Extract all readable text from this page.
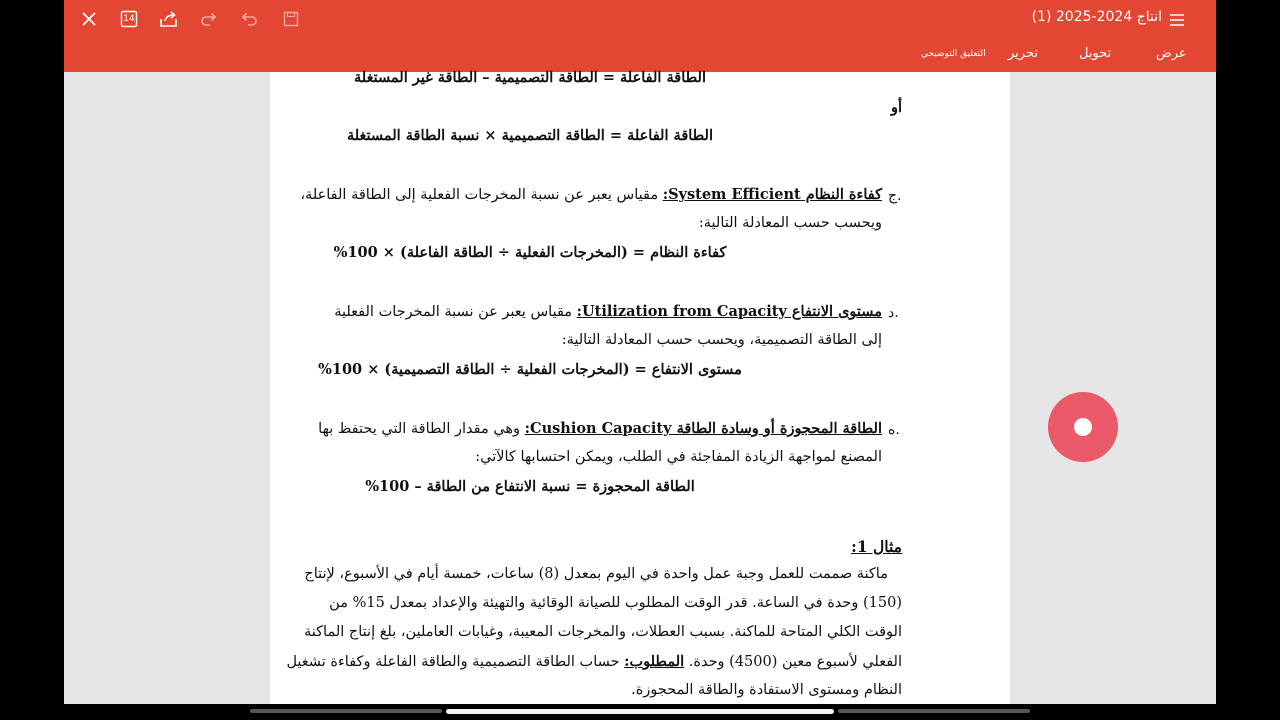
14	انتاج 2024-2025 (1)
عرض
تحويل
تحرير
التعليق التوضيحي
الطاقة الفاعلة = الطاقة التصميمية – الطاقة غير المستغلة
أو
الطاقة الفاعلة = الطاقة التصميمية × نسبة الطاقة المستغلة
ج.
كفاءة النظام System Efficient: مقياس يعبر عن نسبة المخرجات الفعلية إلى الطاقة الفاعلة،
ويحسب حسب المعادلة التالية:
كفاءة النظام = (المخرجات الفعلية ÷ الطاقة الفاعلة) × 100%
د.
مستوى الانتفاع Utilization from Capacity: مقياس يعبر عن نسبة المخرجات الفعلية
إلى الطاقة التصميمية، ويحسب حسب المعادلة التالية:
مستوى الانتفاع = (المخرجات الفعلية ÷ الطاقة التصميمية) × 100%
ه.
الطاقة المحجوزة أو وسادة الطاقة Cushion Capacity: وهي مقدار الطاقة التي يحتفظ بها
المصنع لمواجهة الزيادة المفاجئة في الطلب، ويمكن احتسابها كالآتي:
الطاقة المحجوزة = نسبة الانتفاع من الطاقة – 100%
مثال 1:
ماكنة صممت للعمل وجبة عمل واحدة في اليوم بمعدل (8) ساعات، خمسة أيام في الأسبوع، لإنتاج
(150) وحدة في الساعة. قدر الوقت المطلوب للصيانة الوقائية والتهيئة والإعداد بمعدل 15% من
الوقت الكلي المتاحة للماكنة. بسبب العطلات، والمخرجات المعيبة، وغيابات العاملين، بلغ إنتاج الماكنة
الفعلي لأسبوع معين (4500) وحدة. المطلوب: حساب الطاقة التصميمية والطاقة الفاعلة وكفاءة تشغيل
النظام ومستوى الاستفادة والطاقة المحجوزة.
